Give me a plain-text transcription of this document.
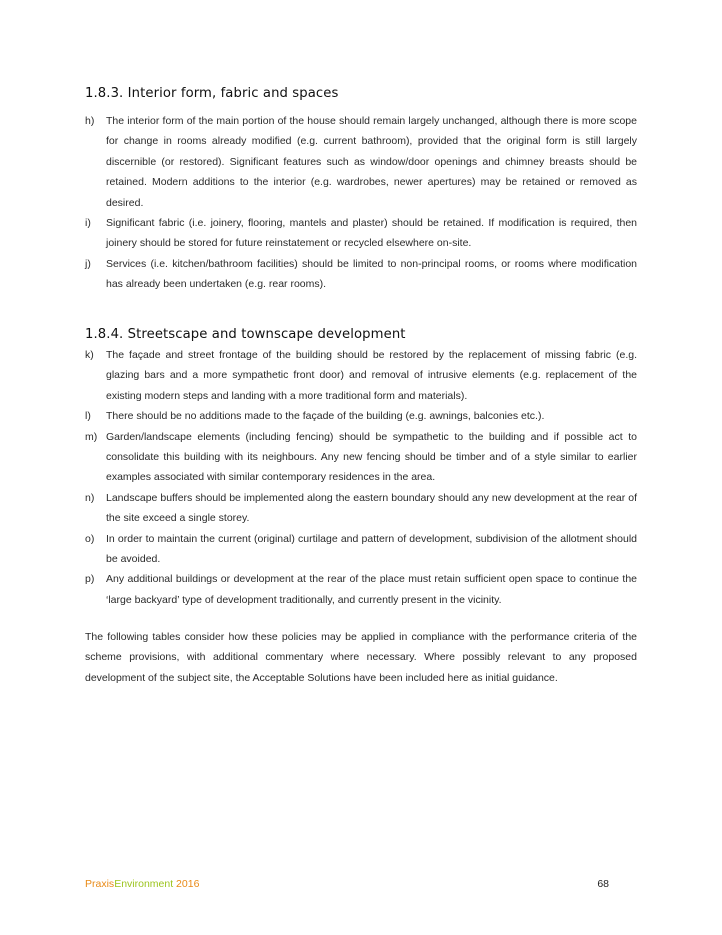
1.8.3. Interior form, fabric and spaces
h) The interior form of the main portion of the house should remain largely unchanged, although there is more scope for change in rooms already modified (e.g. current bathroom), provided that the original form is still largely discernible (or restored). Significant features such as window/door openings and chimney breasts should be retained. Modern additions to the interior (e.g. wardrobes, newer apertures) may be retained or removed as desired.
i) Significant fabric (i.e. joinery, flooring, mantels and plaster) should be retained. If modification is required, then joinery should be stored for future reinstatement or recycled elsewhere on-site.
j) Services (i.e. kitchen/bathroom facilities) should be limited to non-principal rooms, or rooms where modification has already been undertaken (e.g. rear rooms).
1.8.4. Streetscape and townscape development
k) The façade and street frontage of the building should be restored by the replacement of missing fabric (e.g. glazing bars and a more sympathetic front door) and removal of intrusive elements (e.g. replacement of the existing modern steps and landing with a more traditional form and materials).
l) There should be no additions made to the façade of the building (e.g. awnings, balconies etc.).
m) Garden/landscape elements (including fencing) should be sympathetic to the building and if possible act to consolidate this building with its neighbours. Any new fencing should be timber and of a style similar to earlier examples associated with similar contemporary residences in the area.
n) Landscape buffers should be implemented along the eastern boundary should any new development at the rear of the site exceed a single storey.
o) In order to maintain the current (original) curtilage and pattern of development, subdivision of the allotment should be avoided.
p) Any additional buildings or development at the rear of the place must retain sufficient open space to continue the ‘large backyard’ type of development traditionally, and currently present in the vicinity.

The following tables consider how these policies may be applied in compliance with the performance criteria of the scheme provisions, with additional commentary where necessary. Where possibly relevant to any proposed development of the subject site, the Acceptable Solutions have been included here as initial guidance.

PraxisEnvironment 2016	68
